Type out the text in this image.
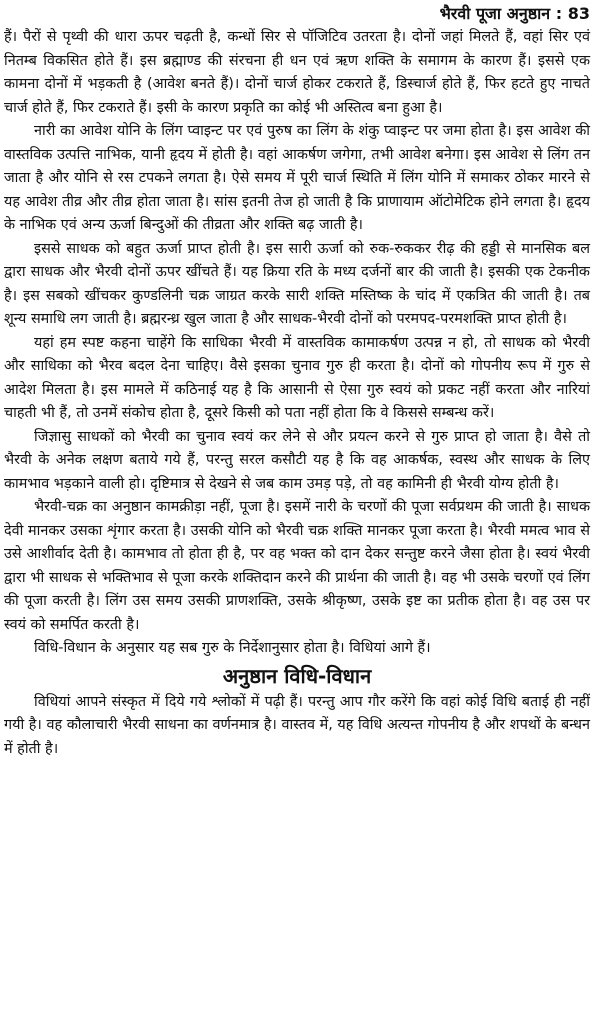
भैरवी पूजा अनुष्ठान : 83

हैं। पैरों से पृथ्वी की धारा ऊपर चढ़ती है, कन्धों सिर से पॉजिटिव उतरता है। दोनों जहां मिलते हैं, वहां सिर एवं नितम्ब विकसित होते हैं। इस ब्रह्माण्ड की संरचना ही धन एवं ऋण शक्ति के समागम के कारण हैं। इससे एक कामना दोनों में भड़कती है (आवेश बनते हैं)। दोनों चार्ज होकर टकराते हैं, डिस्चार्ज होते हैं, फिर हटते हुए नाचते चार्ज होते हैं, फिर टकराते हैं। इसी के कारण प्रकृति का कोई भी अस्तित्व बना हुआ है।

नारी का आवेश योनि के लिंग प्वाइन्ट पर एवं पुरुष का लिंग के शंकु प्वाइन्ट पर जमा होता है। इस आवेश की वास्तविक उत्पत्ति नाभिक, यानी हृदय में होती है। वहां आकर्षण जगेगा, तभी आवेश बनेगा। इस आवेश से लिंग तन जाता है और योनि से रस टपकने लगता है। ऐसे समय में पूरी चार्ज स्थिति में लिंग योनि में समाकर ठोकर मारने से यह आवेश तीव्र और तीव्र होता जाता है। सांस इतनी तेज हो जाती है कि प्राणायाम ऑटोमेटिक होने लगता है। हृदय के नाभिक एवं अन्य ऊर्जा बिन्दुओं की तीव्रता और शक्ति बढ़ जाती है।

इससे साधक को बहुत ऊर्जा प्राप्त होती है। इस सारी ऊर्जा को रुक-रुककर रीढ़ की हड्डी से मानसिक बल द्वारा साधक और भैरवी दोनों ऊपर खींचते हैं। यह क्रिया रति के मध्य दर्जनों बार की जाती है। इसकी एक टेकनीक है। इस सबको खींचकर कुण्डलिनी चक्र जाग्रत करके सारी शक्ति मस्तिष्क के चांद में एकत्रित की जाती है। तब शून्य समाधि लग जाती है। ब्रह्मरन्ध्र खुल जाता है और साधक-भैरवी दोनों को परमपद-परमशक्ति प्राप्त होती है।

यहां हम स्पष्ट कहना चाहेंगे कि साधिका भैरवी में वास्तविक कामाकर्षण उत्पन्न न हो, तो साधक को भैरवी और साधिका को भैरव बदल देना चाहिए। वैसे इसका चुनाव गुरु ही करता है। दोनों को गोपनीय रूप में गुरु से आदेश मिलता है। इस मामले में कठिनाई यह है कि आसानी से ऐसा गुरु स्वयं को प्रकट नहीं करता और नारियां चाहती भी हैं, तो उनमें संकोच होता है, दूसरे किसी को पता नहीं होता कि वे किससे सम्बन्ध करें।

जिज्ञासु साधकों को भैरवी का चुनाव स्वयं कर लेने से और प्रयत्न करने से गुरु प्राप्त हो जाता है। वैसे तो भैरवी के अनेक लक्षण बताये गये हैं, परन्तु सरल कसौटी यह है कि वह आकर्षक, स्वस्थ और साधक के लिए कामभाव भड़काने वाली हो। दृष्टिमात्र से देखने से जब काम उमड़ पड़े, तो वह कामिनी ही भैरवी योग्य होती है।

भैरवी-चक्र का अनुष्ठान कामक्रीड़ा नहीं, पूजा है। इसमें नारी के चरणों की पूजा सर्वप्रथम की जाती है। साधक देवी मानकर उसका शृंगार करता है। उसकी योनि को भैरवी चक्र शक्ति मानकर पूजा करता है। भैरवी ममत्व भाव से उसे आशीर्वाद देती है। कामभाव तो होता ही है, पर वह भक्त को दान देकर सन्तुष्ट करने जैसा होता है। स्वयं भैरवी द्वारा भी साधक से भक्तिभाव से पूजा करके शक्तिदान करने की प्रार्थना की जाती है। वह भी उसके चरणों एवं लिंग की पूजा करती है। लिंग उस समय उसकी प्राणशक्ति, उसके श्रीकृष्ण, उसके इष्ट का प्रतीक होता है। वह उस पर स्वयं को समर्पित करती है।

विधि-विधान के अनुसार यह सब गुरु के निर्देशानुसार होता है। विधियां आगे हैं।

अनुष्ठान विधि-विधान

विधियां आपने संस्कृत में दिये गये श्लोकों में पढ़ी हैं। परन्तु आप गौर करेंगे कि वहां कोई विधि बताई ही नहीं गयी है। वह कौलाचारी भैरवी साधना का वर्णनमात्र है। वास्तव में, यह विधि अत्यन्त गोपनीय है और शपथों के बन्धन में होती है।
